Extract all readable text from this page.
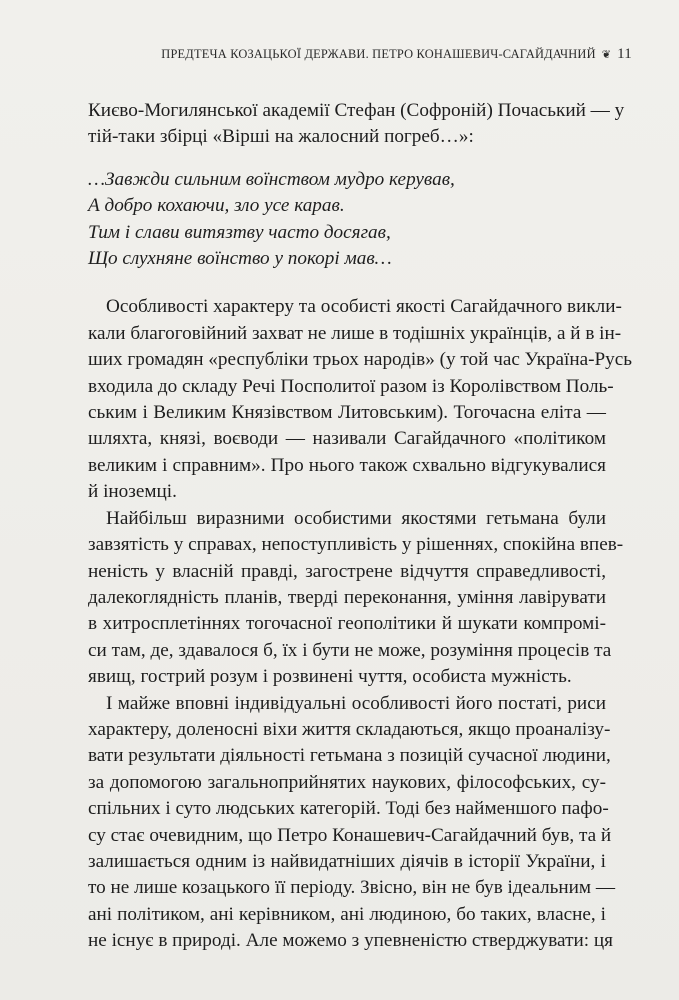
ПРЕДТЕЧА КОЗАЦЬКОЇ ДЕРЖАВИ. ПЕТРО КОНАШЕВИЧ-САГАЙДАЧНИЙ ❦ 11
Києво-Могилянської академії Стефан (Софроній) Почаський — у
тій-таки збірці «Вірші на жалосний погреб…»:
…Завжди сильним воїнством мудро керував,
А добро кохаючи, зло усе карав.
Тим і слави витязтву часто досягав,
Що слухняне воїнство у покорі мав…
Особливості характеру та особисті якості Сагайдачного викли-
кали благоговійний захват не лише в тодішніх українців, а й в ін-
ших громадян «республіки трьох народів» (у той час Україна-Русь
входила до складу Речі Посполитої разом із Королівством Поль-
ським і Великим Князівством Литовським). Тогочасна еліта —
шляхта, князі, воєводи — називали Сагайдачного «політиком
великим і справним». Про нього також схвально відгукувалися
й іноземці.
Найбільш виразними особистими якостями гетьмана були
завзятість у справах, непоступливість у рішеннях, спокійна впев-
неність у власній правді, загострене відчуття справедливості,
далекоглядність планів, тверді переконання, уміння лавірувати
в хитросплетіннях тогочасної геополітики й шукати компромі-
си там, де, здавалося б, їх і бути не може, розуміння процесів та
явищ, гострий розум і розвинені чуття, особиста мужність.
І майже вповні індивідуальні особливості його постаті, риси
характеру, доленосні віхи життя складаються, якщо проаналізу-
вати результати діяльності гетьмана з позицій сучасної людини,
за допомогою загальноприйнятих наукових, філософських, су-
спільних і суто людських категорій. Тоді без найменшого пафо-
су стає очевидним, що Петро Конашевич-Сагайдачний був, та й
залишається одним із найвидатніших діячів в історії України, і
то не лише козацького її періоду. Звісно, він не був ідеальним —
ані політиком, ані керівником, ані людиною, бо таких, власне, і
не існує в природі. Але можемо з упевненістю стверджувати: ця
